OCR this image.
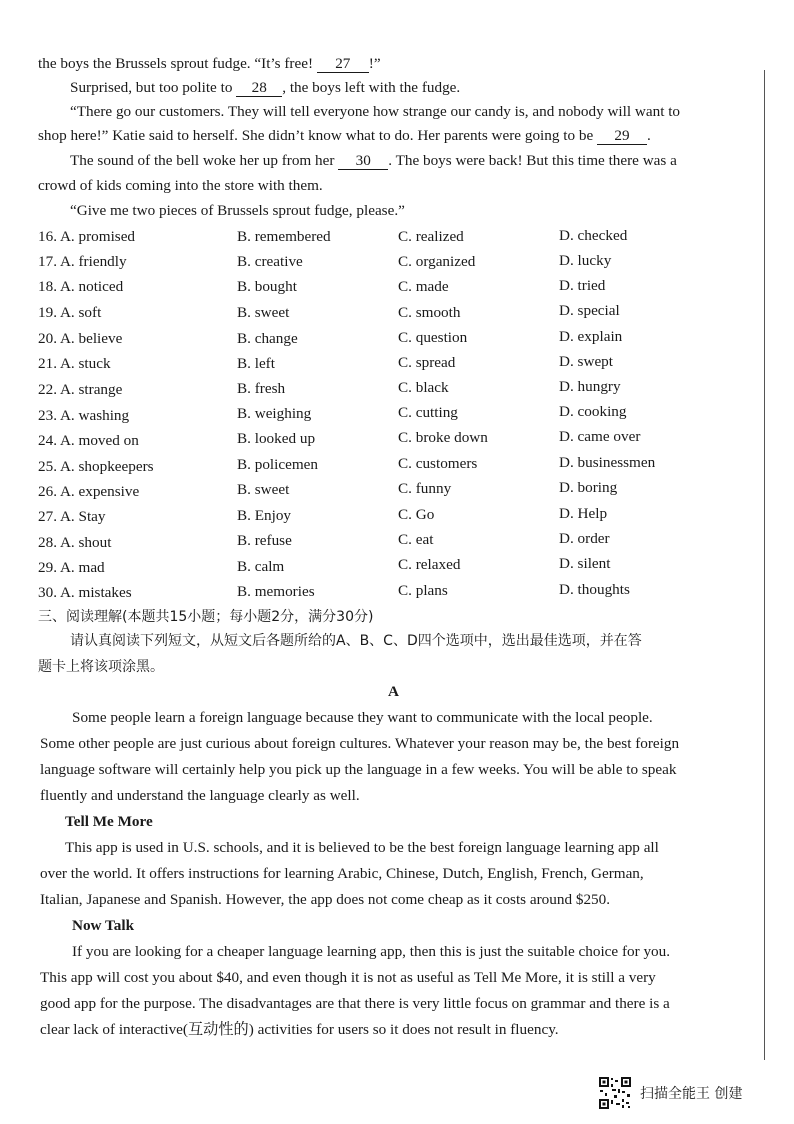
the boys the Brussels sprout fudge. “It’s free! 27 !”
Surprised, but too polite to 28 , the boys left with the fudge.
“There go our customers. They will tell everyone how strange our candy is, and nobody will want to
shop here!” Katie said to herself. She didn’t know what to do. Her parents were going to be 29 .
The sound of the bell woke her up from her 30 . The boys were back! But this time there was a
crowd of kids coming into the store with them.
“Give me two pieces of Brussels sprout fudge, please.”
16. A. promised	B. remembered	C. realized	D. checked
17. A. friendly	B. creative	C. organized	D. lucky
18. A. noticed	B. bought	C. made	D. tried
19. A. soft	B. sweet	C. smooth	D. special
20. A. believe	B. change	C. question	D. explain
21. A. stuck	B. left	C. spread	D. swept
22. A. strange	B. fresh	C. black	D. hungry
23. A. washing	B. weighing	C. cutting	D. cooking
24. A. moved on	B. looked up	C. broke down	D. came over
25. A. shopkeepers	B. policemen	C. customers	D. businessmen
26. A. expensive	B. sweet	C. funny	D. boring
27. A. Stay	B. Enjoy	C. Go	D. Help
28. A. shout	B. refuse	C. eat	D. order
29. A. mad	B. calm	C. relaxed	D. silent
30. A. mistakes	B. memories	C. plans	D. thoughts
三、阅读理解(本题共15小题；每小题2分，满分30分)
请认真阅读下列短文，从短文后各题所给的A、B、C、D四个选项中，选出最佳选项，并在答
题卡上将该项涂黑。
A
Some people learn a foreign language because they want to communicate with the local people.
Some other people are just curious about foreign cultures. Whatever your reason may be, the best foreign
language software will certainly help you pick up the language in a few weeks. You will be able to speak
fluently and understand the language clearly as well.
Tell Me More
This app is used in U.S. schools, and it is believed to be the best foreign language learning app all
over the world. It offers instructions for learning Arabic, Chinese, Dutch, English, French, German,
Italian, Japanese and Spanish. However, the app does not come cheap as it costs around $250.
Now Talk
If you are looking for a cheaper language learning app, then this is just the suitable choice for you.
This app will cost you about $40, and even though it is not as useful as Tell Me More, it is still a very
good app for the purpose. The disadvantages are that there is very little focus on grammar and there is a
clear lack of interactive(互动性的) activities for users so it does not result in fluency.
扫描全能王 创建
